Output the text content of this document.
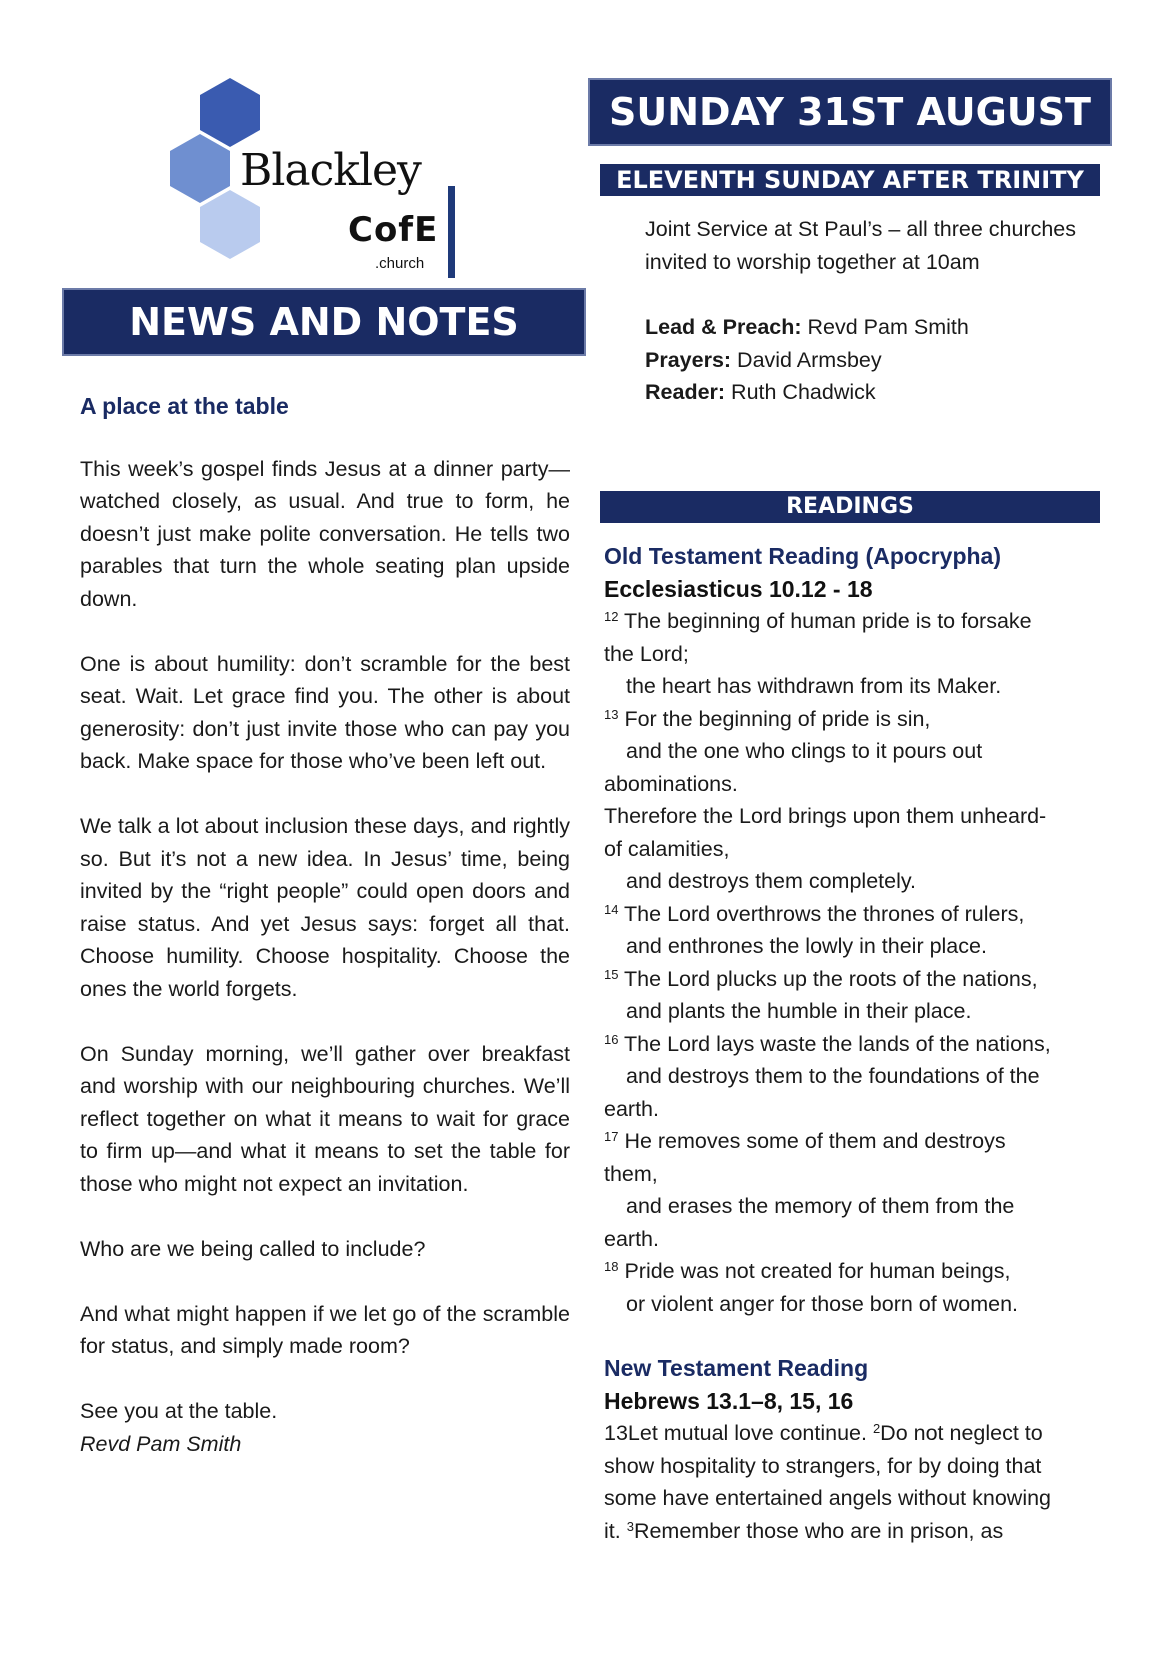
Blackley
CofE
.church
NEWS AND NOTES
A place at the table

This week’s gospel finds Jesus at a dinner party—watched closely, as usual. And true to form, he doesn’t just make polite conversation. He tells two parables that turn the whole seating plan upside down.

One is about humility: don’t scramble for the best seat. Wait. Let grace find you. The other is about generosity: don’t just invite those who can pay you back. Make space for those who’ve been left out.

We talk a lot about inclusion these days, and rightly so. But it’s not a new idea. In Jesus’ time, being invited by the “right people” could open doors and raise status. And yet Jesus says: forget all that. Choose humility. Choose hospitality. Choose the ones the world forgets.

On Sunday morning, we’ll gather over breakfast and worship with our neighbouring churches. We’ll reflect together on what it means to wait for grace to firm up—and what it means to set the table for those who might not expect an invitation.

Who are we being called to include?

And what might happen if we let go of the scramble for status, and simply made room?

See you at the table.

Revd Pam Smith

SUNDAY 31ST AUGUST
ELEVENTH SUNDAY AFTER TRINITY

Joint Service at St Paul’s – all three churches invited to worship together at 10am

Lead & Preach: Revd Pam Smith

Prayers: David Armsbey

Reader: Ruth Chadwick

READINGS
Old Testament Reading (Apocrypha)
Ecclesiasticus 10.12 - 18

$^{12}$ The beginning of human pride is to forsake

the Lord;

the heart has withdrawn from its Maker.

$^{13}$ For the beginning of pride is sin,

and the one who clings to it pours out

abominations.

Therefore the Lord brings upon them unheard-

of calamities,

and destroys them completely.

$^{14}$ The Lord overthrows the thrones of rulers,

and enthrones the lowly in their place.

$^{15}$ The Lord plucks up the roots of the nations,

and plants the humble in their place.

$^{16}$ The Lord lays waste the lands of the nations,

and destroys them to the foundations of the

earth.

$^{17}$ He removes some of them and destroys

them,

and erases the memory of them from the

earth.

$^{18}$ Pride was not created for human beings,

or violent anger for those born of women.

New Testament Reading
Hebrews 13.1–8, 15, 16

13Let mutual love continue. $^2$Do not neglect to

show hospitality to strangers, for by doing that

some have entertained angels without knowing

it. $^3$Remember those who are in prison, as
